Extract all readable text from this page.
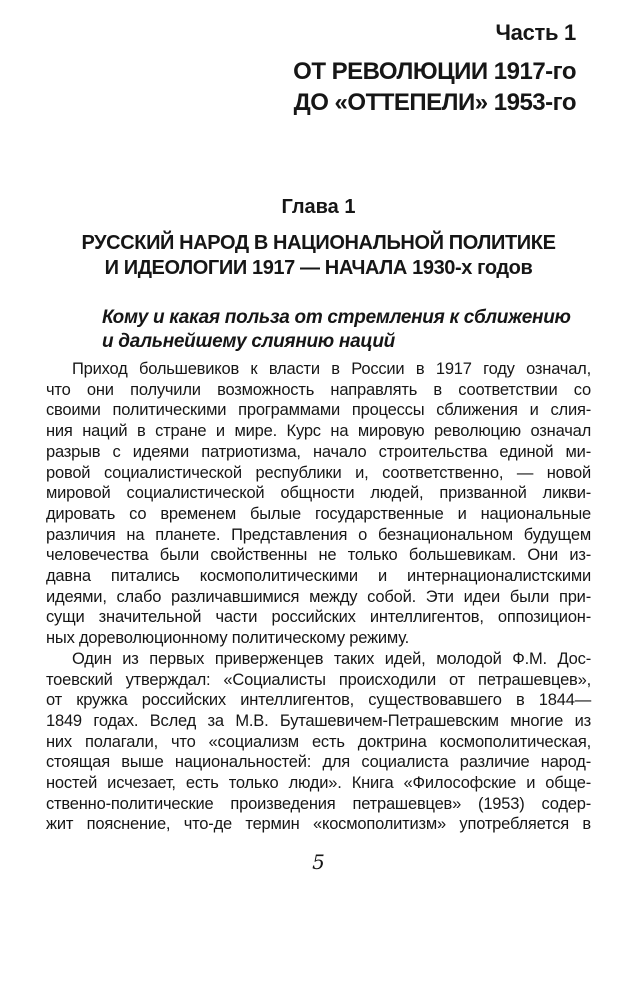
Часть 1
ОТ РЕВОЛЮЦИИ 1917-го
ДО «ОТТЕПЕЛИ» 1953-го
Глава 1
РУССКИЙ НАРОД В НАЦИОНАЛЬНОЙ ПОЛИТИКЕ
И ИДЕОЛОГИИ 1917 — НАЧАЛА 1930-х годов
Кому и какая польза от стремления к сближению
и дальнейшему слиянию наций
Приход большевиков к власти в России в 1917 году означал,
что они получили возможность направлять в соответствии со
своими политическими программами процессы сближения и слия-
ния наций в стране и мире. Курс на мировую революцию означал
разрыв с идеями патриотизма, начало строительства единой ми-
ровой социалистической республики и, соответственно, — новой
мировой социалистической общности людей, призванной ликви-
дировать со временем былые государственные и национальные
различия на планете. Представления о безнациональном будущем
человечества были свойственны не только большевикам. Они из-
давна питались космополитическими и интернационалистскими
идеями, слабо различавшимися между собой. Эти идеи были при-
сущи значительной части российских интеллигентов, оппозицион-
ных дореволюционному политическому режиму.
Один из первых приверженцев таких идей, молодой Ф.М. Дос-
тоевский утверждал: «Социалисты происходили от петрашевцев»,
от кружка российских интеллигентов, существовавшего в 1844—
1849 годах. Вслед за М.В. Буташевичем-Петрашевским многие из
них полагали, что «социализм есть доктрина космополитическая,
стоящая выше национальностей: для социалиста различие народ-
ностей исчезает, есть только люди». Книга «Философские и обще-
ственно-политические произведения петрашевцев» (1953) содер-
жит пояснение, что-де термин «космополитизм» употребляется в
5
